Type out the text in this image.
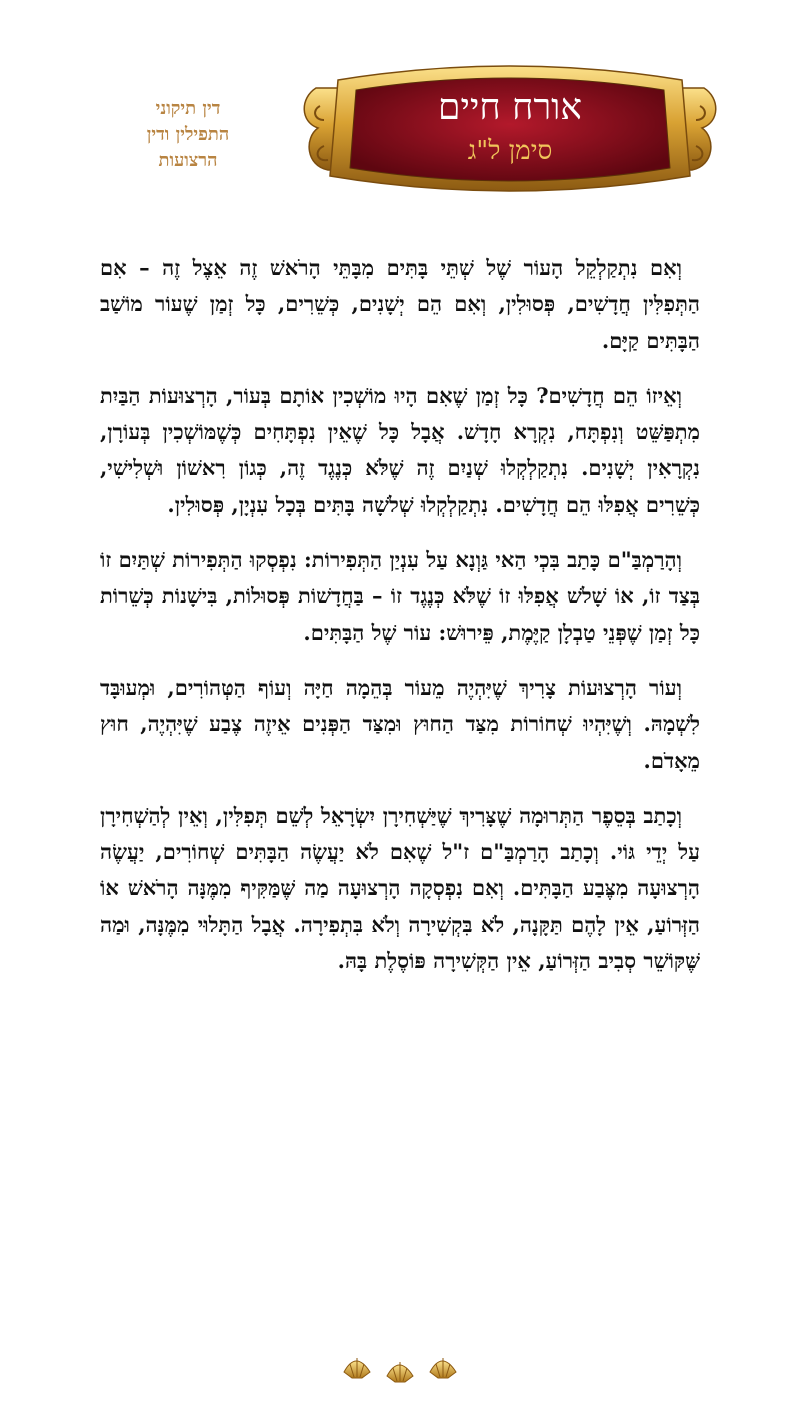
דין תיקוני
התפילין ודין
הרצועות
אורח חיים
סימן ל"ג

וְאִם נִתְקַלְקֵל הָעוֹר שֶׁל שְׁתֵּי בָּתִּים מִבָּתֵּי הָרֹאשׁ זֶה אֵצֶל זֶה – אִם הַתְּפִלִּין חֲדָשִׁים, פְּסוּלִין, וְאִם הֵם יְשָׁנִים, כְּשֵׁרִים, כָּל זְמַן שֶׁעוֹר מוֹשַׁב הַבָּתִּים קַיָּם.

וְאֵיזוֹ הֵם חֲדָשִׁים? כָּל זְמַן שֶׁאִם הָיוּ מוֹשְׁכִין אוֹתָם בְּעוֹר, הָרְצוּעוֹת הַבַּיִת מִתְפַּשֵּׁט וְנִפְתָּח, נִקְרָא חָדָשׁ. אֲבָל כָּל שֶׁאֵין נִפְתָּחִים כְּשֶׁמּוֹשְׁכִין בְּעוֹרָן, נִקְרָאִין יְשָׁנִים. נִתְקַלְקְלוּ שְׁנַיִם זֶה שֶׁלֹּא כְּנֶגֶד זֶה, כְּגוֹן רִאשׁוֹן וּשְׁלִישִׁי, כְּשֵׁרִים אֲפִלּוּ הֵם חֲדָשִׁים. נִתְקַלְקְלוּ שְׁלֹשָׁה בָּתִּים בְּכָל עִנְיָן, פְּסוּלִין.

וְהָרַמְבַּ"ם כָּתַב בִּכְי הַאי גַּוְנָא עַל עִנְיַן הַתְּפִירוֹת: נִפְסְקוּ הַתְּפִירוֹת שְׁתַּיִם זוֹ בְּצַד זוֹ, אוֹ שָׁלֹשׁ אֲפִלּוּ זוֹ שֶׁלֹּא כְּנֶגֶד זוֹ – בַּחֲדָשׁוֹת פְּסוּלוֹת, בִּישָׁנוֹת כְּשֵׁרוֹת כָּל זְמַן שֶׁפְּנֵי טַבְלָן קַיֶּמֶת, פֵּירוּשׁ: עוֹר שֶׁל הַבָּתִּים.

וְעוֹר הָרְצוּעוֹת צָרִיךְ שֶׁיִּהְיֶה מֵעוֹר בְּהֵמָה חַיָּה וְעוֹף הַטְּהוֹרִים, וּמְעוּבָּד לִשְׁמָהּ. וְשֶׁיִּהְיוּ שְׁחוֹרוֹת מִצַּד הַחוּץ וּמִצַּד הַפְּנִים אֵיזֶה צֶבַע שֶׁיִּהְיֶה, חוּץ מֵאָדֹם.

וְכָתַב בְּסֵפֶר הַתְּרוּמָה שֶׁצָּרִיךְ שֶׁיַּשְׁחִירָן יִשְׂרָאֵל לְשֵׁם תְּפִלִּין, וְאֵין לְהַשְׁחִירָן עַל יְדֵי גּוֹי. וְכָתַב הָרַמְבַּ"ם ז"ל שֶׁאִם לֹא יַעֲשֶׂה הַבָּתִּים שְׁחוֹרִים, יַעֲשֶׂה הָרְצוּעָה מִצֶּבַע הַבָּתִּים. וְאִם נִפְסְקָה הָרְצוּעָה מַה שֶּׁמַּקִּיף מִמֶּנָּה הָרֹאשׁ אוֹ הַזְּרוֹעַ, אֵין לָהֶם תַּקָּנָה, לֹא בִּקְשִׁירָה וְלֹא בִּתְפִירָה. אֲבָל הַתָּלוּי מִמֶּנָּה, וּמַה שֶּׁקּוֹשֵׁר סְבִיב הַזְּרוֹעַ, אֵין הַקְּשִׁירָה פּוֹסֶלֶת בָּהּ.
